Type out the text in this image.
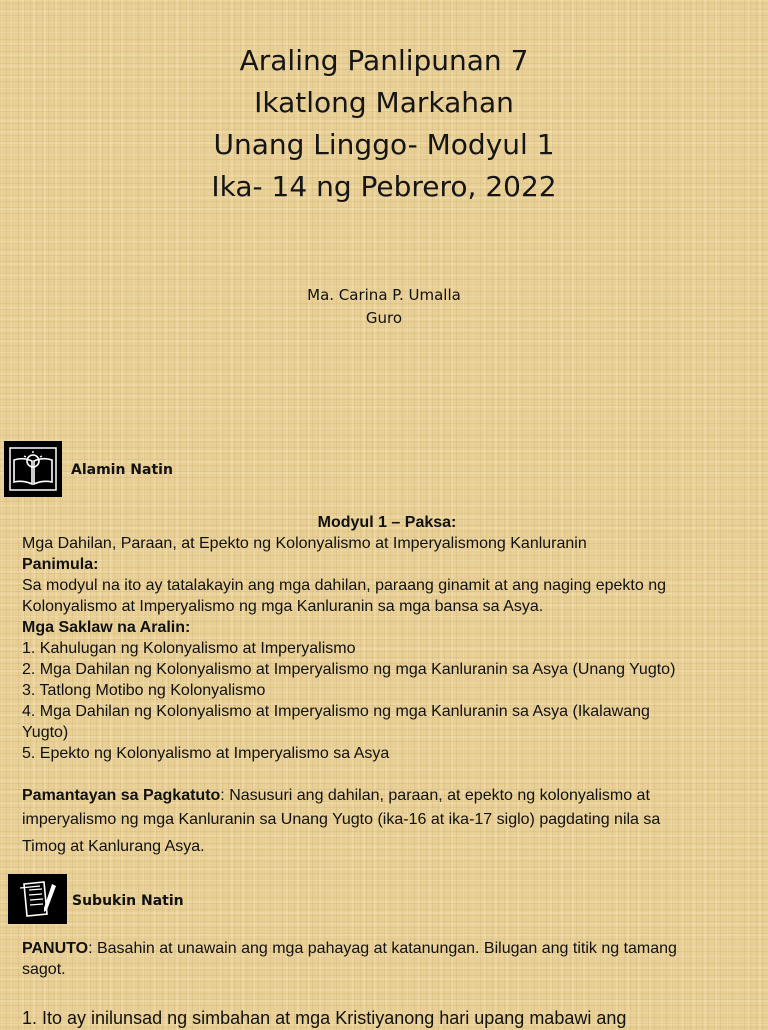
Araling Panlipunan 7
Ikatlong Markahan
Unang Linggo- Modyul 1
Ika- 14 ng Pebrero, 2022
Ma. Carina P. Umalla
Guro
Alamin Natin
Modyul 1 – Paksa:
Mga Dahilan, Paraan, at Epekto ng Kolonyalismo at Imperyalismong Kanluranin
Panimula:
Sa modyul na ito ay tatalakayin ang mga dahilan, paraang ginamit at ang naging epekto ng
Kolonyalismo at Imperyalismo ng mga Kanluranin sa mga bansa sa Asya.
Mga Saklaw na Aralin:
1. Kahulugan ng Kolonyalismo at Imperyalismo
2. Mga Dahilan ng Kolonyalismo at Imperyalismo ng mga Kanluranin sa Asya (Unang Yugto)
3. Tatlong Motibo ng Kolonyalismo
4. Mga Dahilan ng Kolonyalismo at Imperyalismo ng mga Kanluranin sa Asya (Ikalawang
Yugto)
5. Epekto ng Kolonyalismo at Imperyalismo sa Asya
Pamantayan sa Pagkatuto: Nasusuri ang dahilan, paraan, at epekto ng kolonyalismo at
imperyalismo ng mga Kanluranin sa Unang Yugto (ika-16 at ika-17 siglo) pagdating nila sa
Timog at Kanlurang Asya.
Subukin Natin
PANUTO: Basahin at unawain ang mga pahayag at katanungan. Bilugan ang titik ng tamang
sagot.
1. Ito ay inilunsad ng simbahan at mga Kristiyanong hari upang mabawi ang
